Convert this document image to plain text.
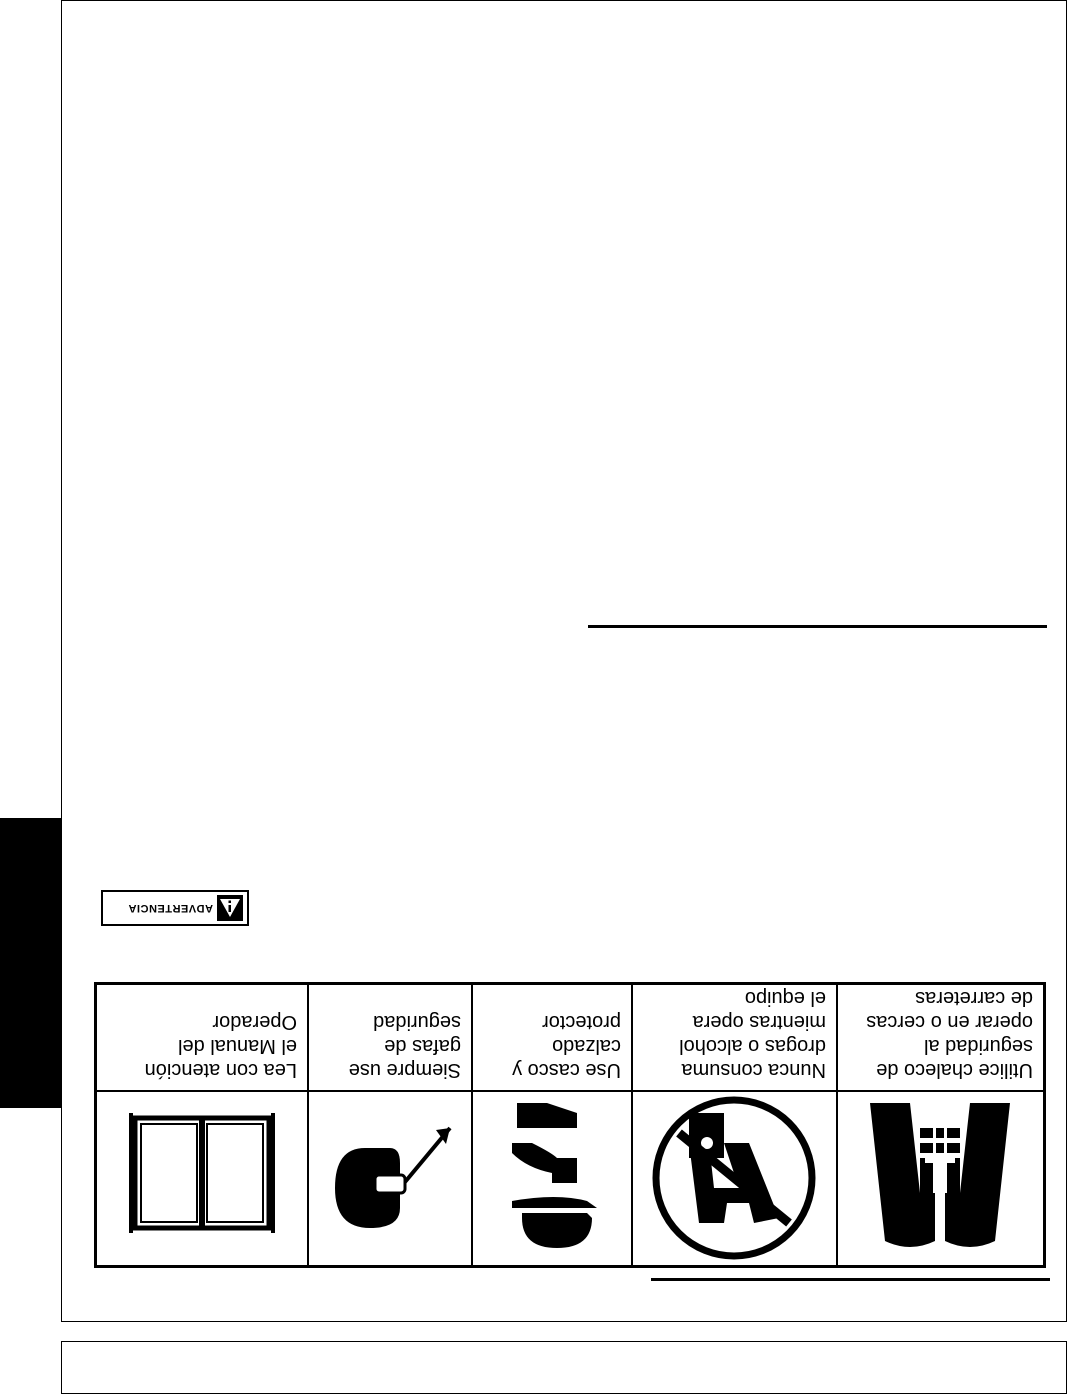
Utilice chaleco de
seguridad al
operar en o cercas
de carreteras
Nunca consuma
drogas o alcohol
mientras opera
el equipo
Use casco y
calzado
protector
Siempre use
gafas de
seguridad
Lea con atención
el Manual del
Operador
ADVERTENCIA
